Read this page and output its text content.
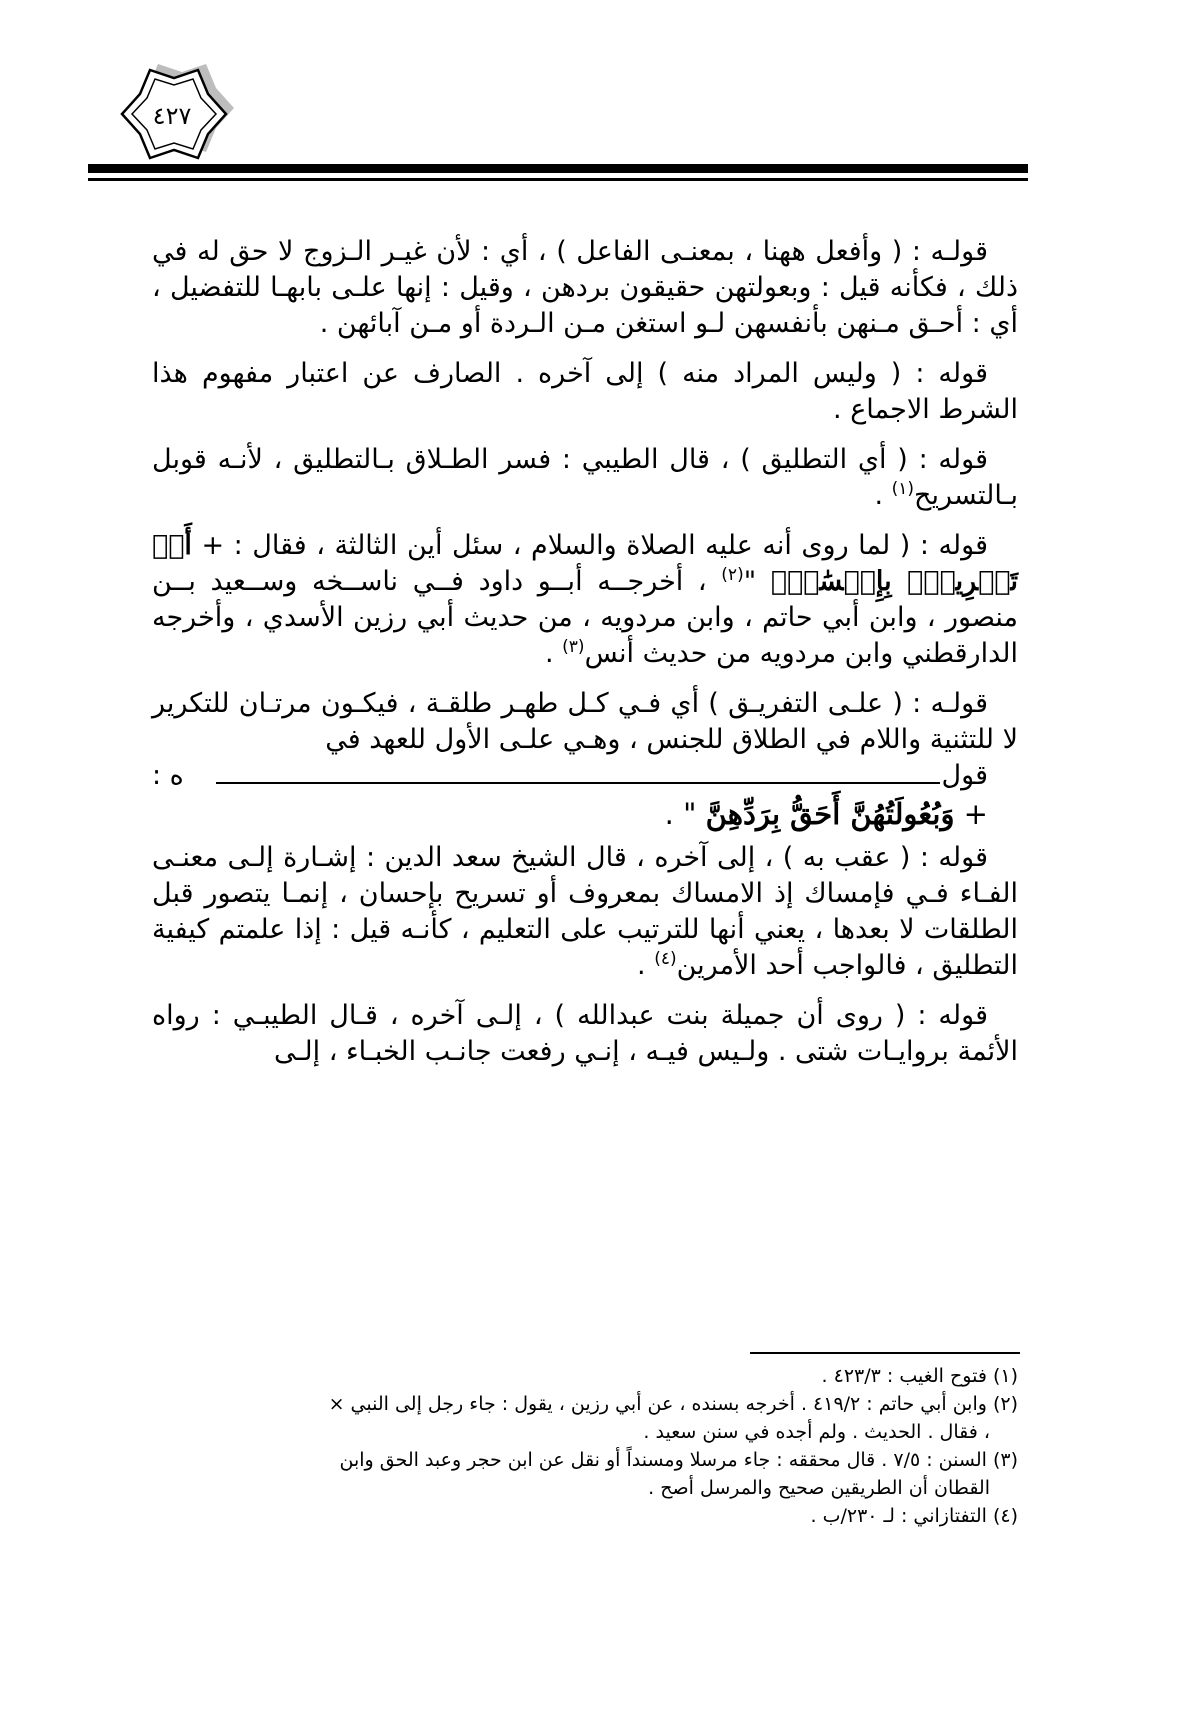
٤٢٧

قولـه : ( وأفعل ههنا ، بمعنـى الفاعل ) ، أي : لأن غيـر الـزوج لا حق له في ذلك ، فكأنه قيل : وبعولتهن حقيقون بردهن ، وقيل : إنها علـى بابهـا للتفضيل ، أي : أحـق مـنهن بأنفسهن لـو استغن مـن الـردة أو مـن آبائهن .

قوله : ( وليس المراد منه ) إلى آخره . الصارف عن اعتبار مفهوم هذا الشرط الاجماع .

قوله : ( أي التطليق ) ، قال الطيبي : فسر الطـلاق بـالتطليق ، لأنـه قوبل بـالتسريح$^{(١)}$ .

قوله : ( لما روى أنه عليه الصلاة والسلام ، سئل أين الثالثة ، فقال : + أَوۡ تَسۡرِيحُۢ بِإِحۡسَٰنٖۗ "$^{(٢)}$ ، أخرجــه أبــو داود فــي ناســخه وســعيد بــن منصور ، وابن أبي حاتم ، وابن مردويه ، من حديث أبي رزين الأسدي ، وأخرجه الدارقطني وابن مردويه من حديث أنس$^{(٣)}$ .

قولـه : ( علـى التفريـق ) أي فـي كـل طهـر طلقـة ، فيكـون مرتـان للتكرير لا للتثنية واللام في الطلاق للجنس ، وهـي علـى الأول للعهد في
قول
ه :
+ وَبُعُولَتُهُنَّ أَحَقُّ بِرَدِّهِنَّ " .

قوله : ( عقب به ) ، إلى آخره ، قال الشيخ سعد الدين : إشـارة إلـى معنـى الفـاء فـي فإمساك إذ الامساك بمعروف أو تسريح بإحسان ، إنمـا يتصور قبل الطلقات لا بعدها ، يعني أنها للترتيب على التعليم ، كأنـه قيل : إذا علمتم كيفية التطليق ، فالواجب أحد الأمرين$^{(٤)}$ .

قوله : ( روى أن جميلة بنت عبدالله ) ، إلـى آخره ، قـال الطيبـي : رواه الأئمة بروايـات شتى . ولـيس فيـه ، إنـي رفعت جانـب الخبـاء ، إلـى

(١) فتوح الغيب : ٤٢٣/٣ .

(٢) وابن أبي حاتم : ٤١٩/٢ . أخرجه بسنده ، عن أبي رزين ، يقول : جاء رجل إلى النبي ×

، فقال . الحديث . ولم أجده في سنن سعيد .

(٣) السنن : ٧/٥ . قال محققه : جاء مرسلا ومسنداً أو نقل عن ابن حجر وعبد الحق وابن

القطان أن الطريقين صحيح والمرسل أصح .

(٤) التفتازاني : لـ ٢٣٠/ب .
